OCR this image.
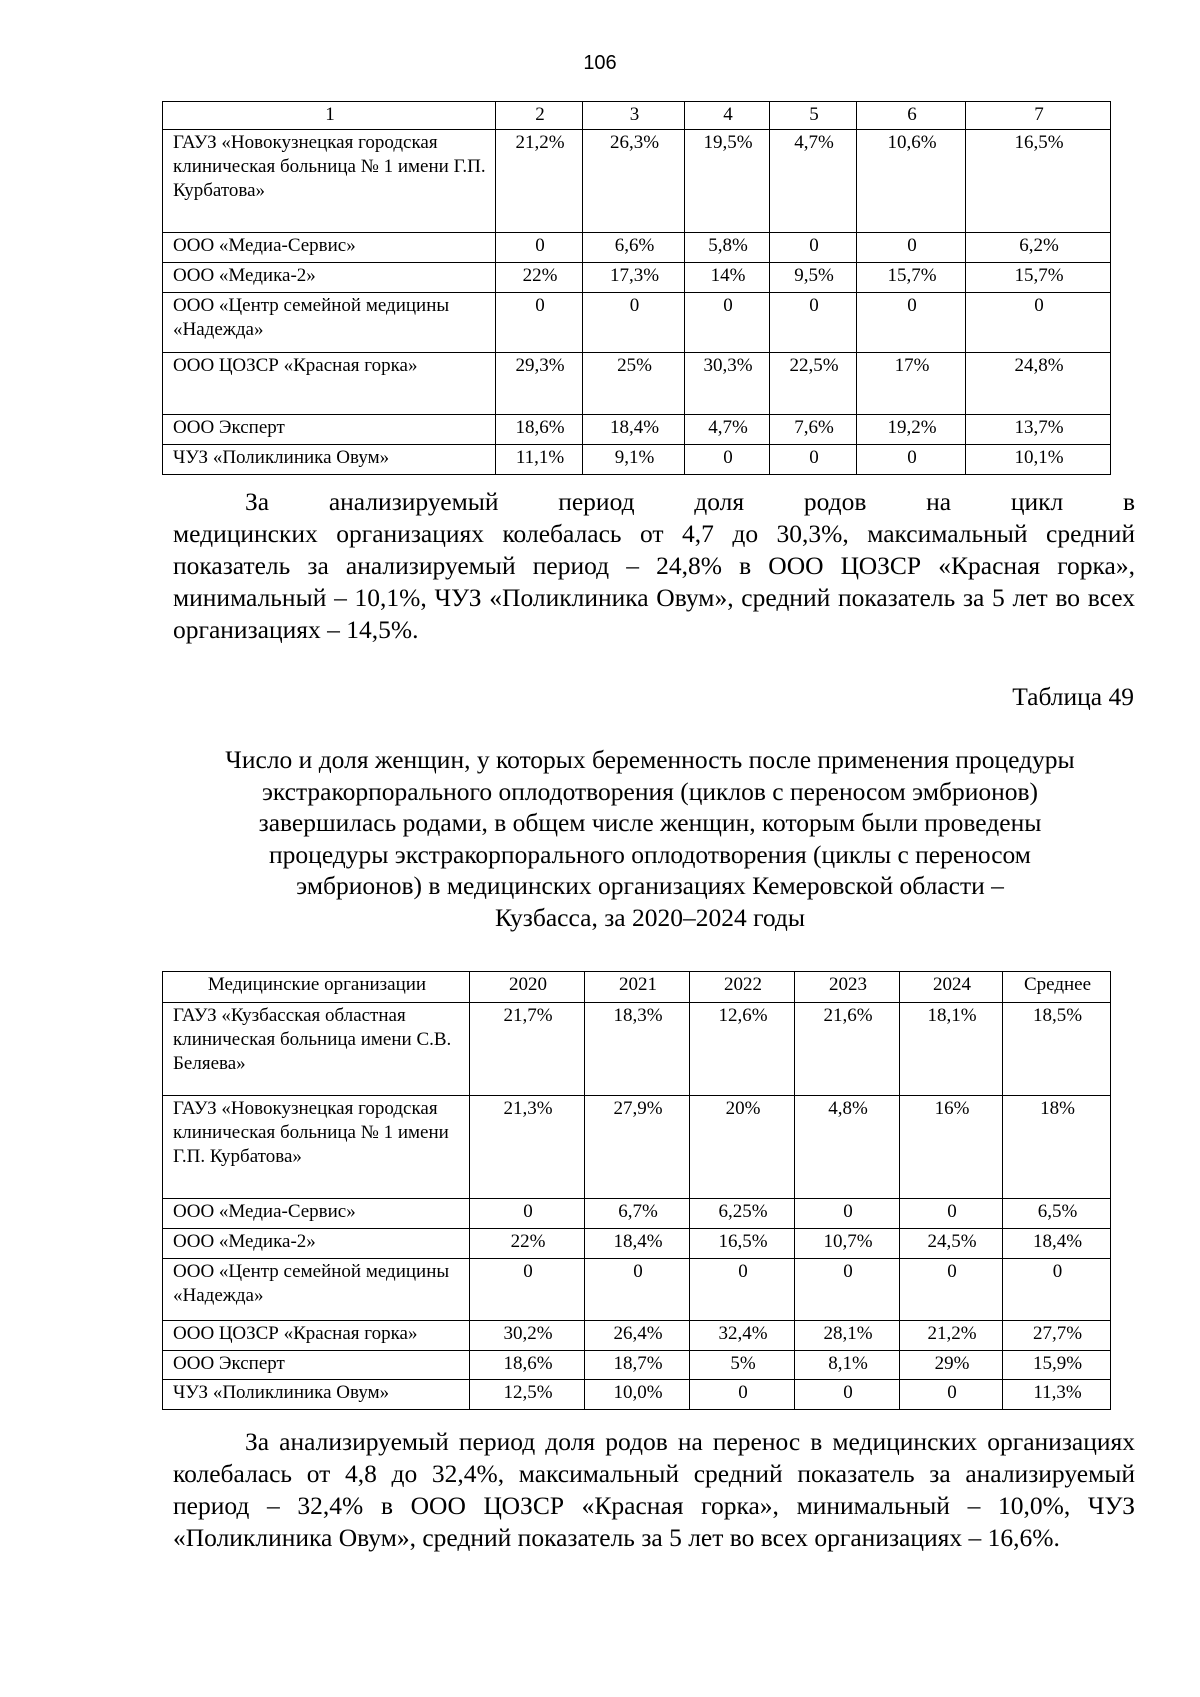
106
1	2	3	4	5	6	7
ГАУЗ «Новокузнецкая городская клиническая больница № 1 имени Г.П. Курбатова»	21,2%	26,3%	19,5%	4,7%	10,6%	16,5%
ООО «Медиа-Сервис»	0	6,6%	5,8%	0	0	6,2%
ООО «Медика-2»	22%	17,3%	14%	9,5%	15,7%	15,7%
ООО «Центр семейной медицины «Надежда»	0	0	0	0	0	0
ООО ЦОЗСР «Красная горка»	29,3%	25%	30,3%	22,5%	17%	24,8%
ООО Эксперт	18,6%	18,4%	4,7%	7,6%	19,2%	13,7%
ЧУЗ «Поликлиника Овум»	11,1%	9,1%	0	0	0	10,1%
За анализируемый период доля родов на цикл в
медицинских организациях колебалась от 4,7 до 30,3%, максимальный средний показатель за анализируемый период – 24,8% в ООО ЦОЗСР «Красная горка», минимальный – 10,1%, ЧУЗ «Поликлиника Овум», средний показатель за 5 лет во всех организациях – 14,5%.
Таблица 49
Число и доля женщин, у которых беременность после применения процедуры
экстракорпорального оплодотворения (циклов с переносом эмбрионов)
завершилась родами, в общем числе женщин, которым были проведены
процедуры экстракорпорального оплодотворения (циклы с переносом
эмбрионов) в медицинских организациях Кемеровской области –
Кузбасса, за 2020–2024 годы
Медицинские организации	2020	2021	2022	2023	2024	Среднее
ГАУЗ «Кузбасская областная клиническая больница имени С.В. Беляева»	21,7%	18,3%	12,6%	21,6%	18,1%	18,5%
ГАУЗ «Новокузнецкая городская клиническая больница № 1 имени Г.П. Курбатова»	21,3%	27,9%	20%	4,8%	16%	18%
ООО «Медиа-Сервис»	0	6,7%	6,25%	0	0	6,5%
ООО «Медика-2»	22%	18,4%	16,5%	10,7%	24,5%	18,4%
ООО «Центр семейной медицины «Надежда»	0	0	0	0	0	0
ООО ЦОЗСР «Красная горка»	30,2%	26,4%	32,4%	28,1%	21,2%	27,7%
ООО Эксперт	18,6%	18,7%	5%	8,1%	29%	15,9%
ЧУЗ «Поликлиника Овум»	12,5%	10,0%	0	0	0	11,3%
За анализируемый период доля родов на перенос в медицинских организациях колебалась от 4,8 до 32,4%, максимальный средний показатель за анализируемый период – 32,4% в ООО ЦОЗСР «Красная горка», минимальный – 10,0%, ЧУЗ «Поликлиника Овум», средний показатель за 5 лет во всех организациях – 16,6%.
